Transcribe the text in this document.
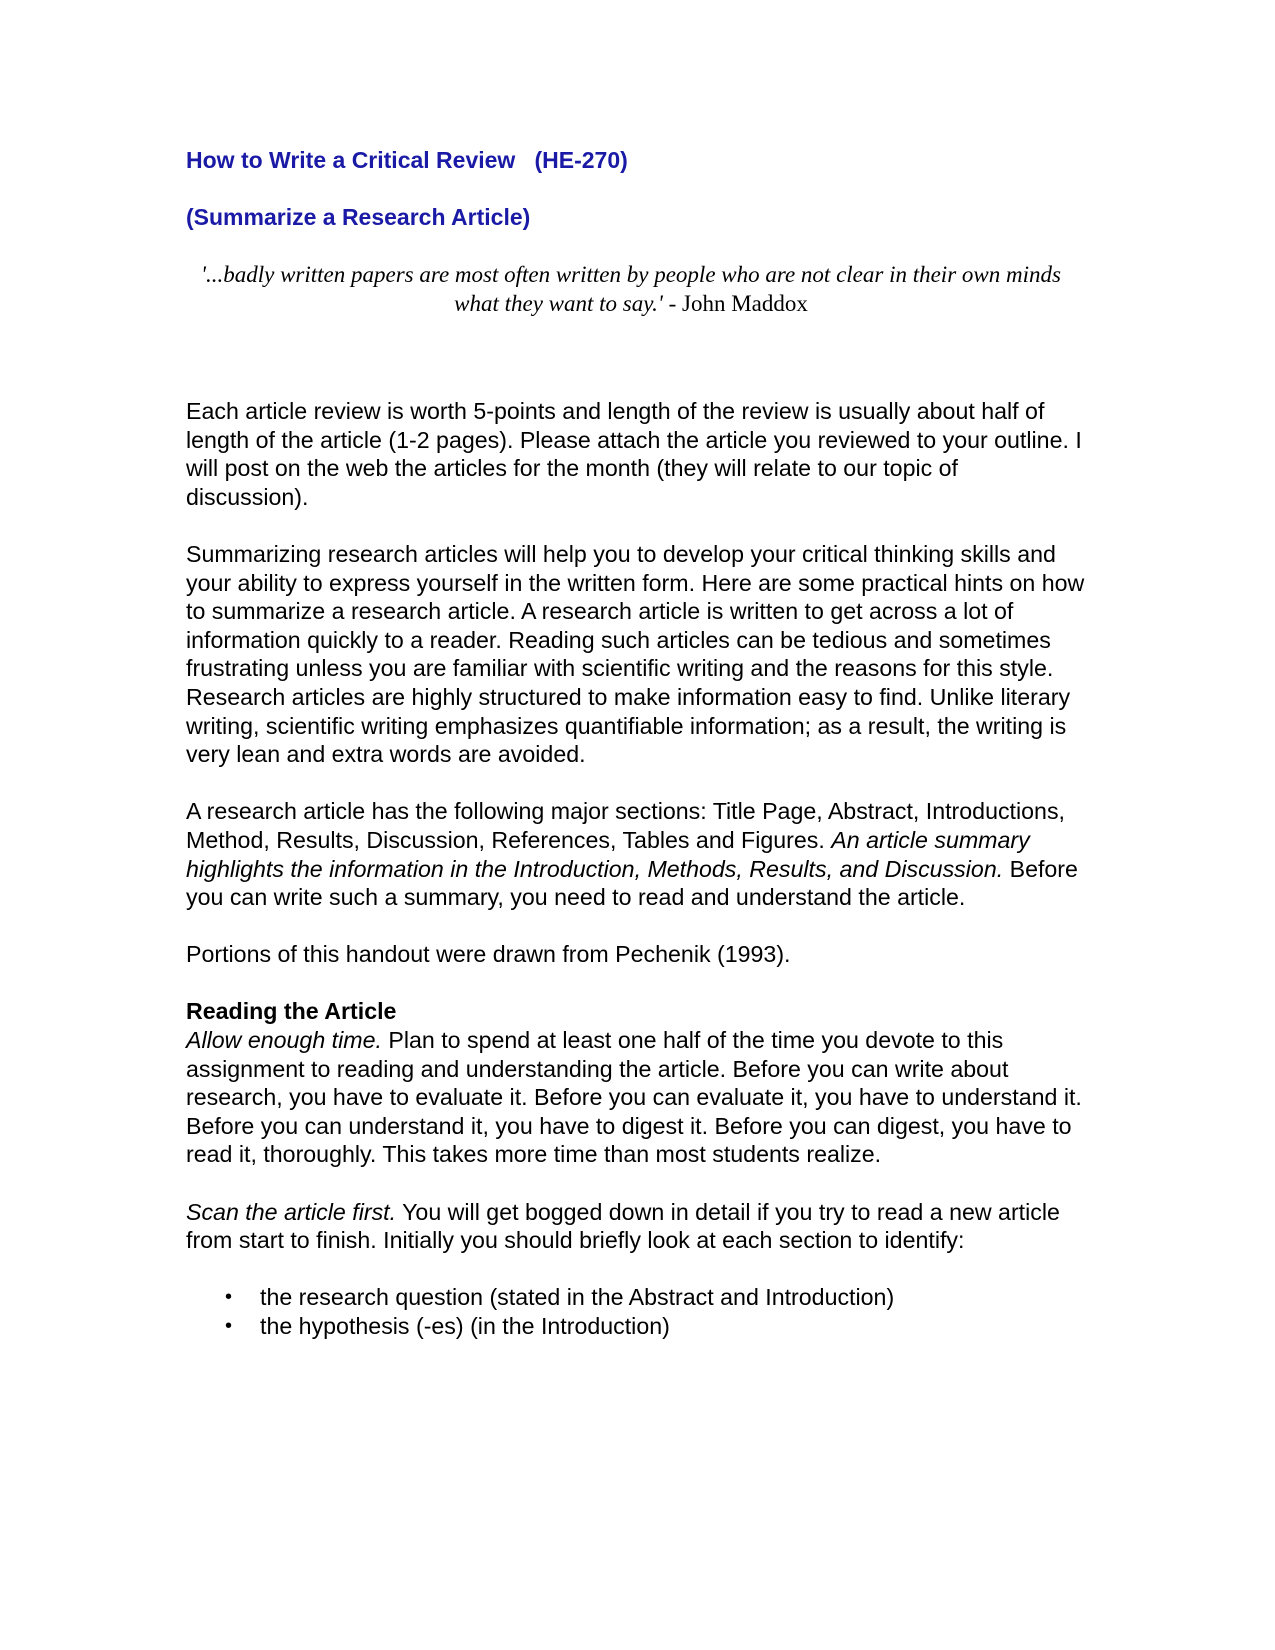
How to Write a Critical Review   (HE-270)
(Summarize a Research Article)
'...badly written papers are most often written by people who are not clear in their own minds what they want to say.' - John Maddox

Each article review is worth 5-points and length of the review is usually about half of length of the article (1-2 pages). Please attach the article you reviewed to your outline. I will post on the web the articles for the month (they will relate to our topic of discussion).

Summarizing research articles will help you to develop your critical thinking skills and your ability to express yourself in the written form. Here are some practical hints on how to summarize a research article. A research article is written to get across a lot of information quickly to a reader. Reading such articles can be tedious and sometimes frustrating unless you are familiar with scientific writing and the reasons for this style. Research articles are highly structured to make information easy to find. Unlike literary writing, scientific writing emphasizes quantifiable information; as a result, the writing is very lean and extra words are avoided.

A research article has the following major sections: Title Page, Abstract, Introductions, Method, Results, Discussion, References, Tables and Figures. An article summary highlights the information in the Introduction, Methods, Results, and Discussion. Before you can write such a summary, you need to read and understand the article.

Portions of this handout were drawn from Pechenik (1993).

Reading the Article

Allow enough time. Plan to spend at least one half of the time you devote to this assignment to reading and understanding the article. Before you can write about research, you have to evaluate it. Before you can evaluate it, you have to understand it. Before you can understand it, you have to digest it. Before you can digest, you have to read it, thoroughly. This takes more time than most students realize.

Scan the article first. You will get bogged down in detail if you try to read a new article from start to finish. Initially you should briefly look at each section to identify:

• the research question (stated in the Abstract and Introduction)
• the hypothesis (-es) (in the Introduction)
